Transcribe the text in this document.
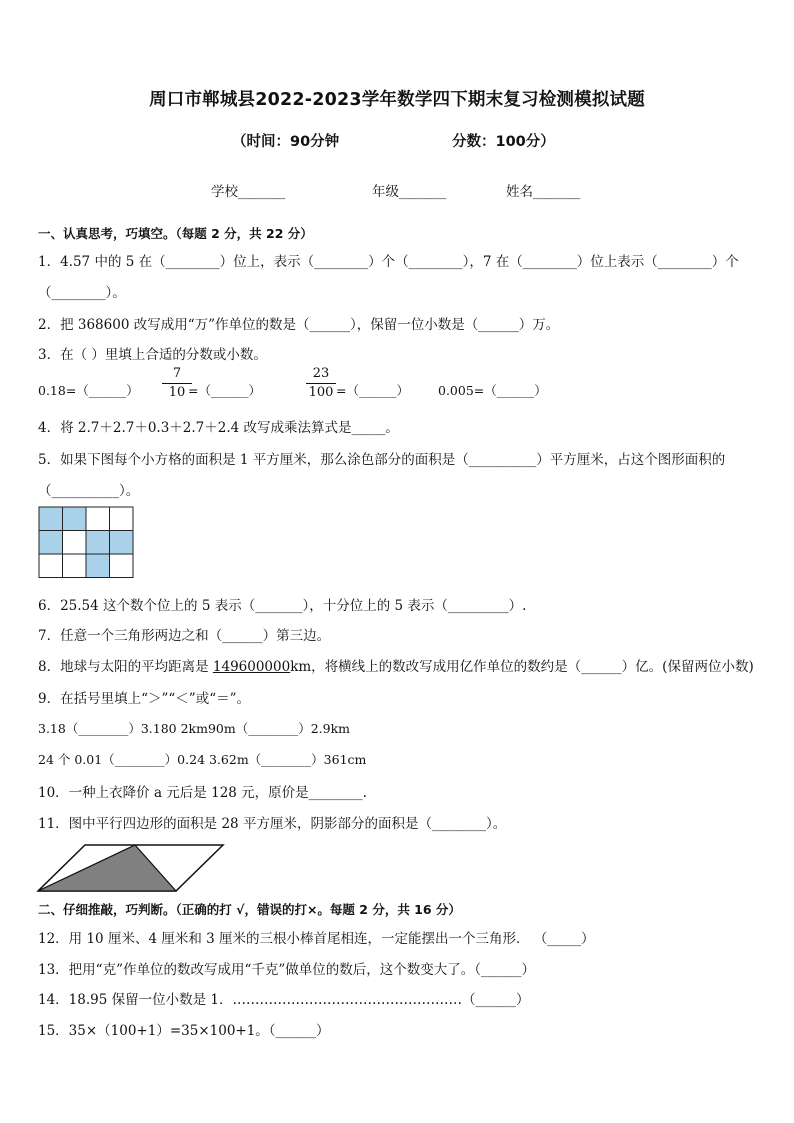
周口市郸城县2022-2023学年数学四下期末复习检测模拟试题
（时间：90分钟	分数：100分）
学校_______	年级_______	姓名_______
一、认真思考，巧填空。（每题 2 分，共 22 分）
1．4.57 中的 5 在（________）位上，表示（________）个（________），7 在（________）位上表示（________）个
（________）。
2．把 368600 改写成用“万”作单位的数是（______），保留一位小数是（______）万。
3．在（ ）里填上合适的分数或小数。
0.18=（______）
7
10 =（______）
23
100 =（______） 0.005=（______）
4．将 2.7＋2.7＋0.3＋2.7＋2.4 改写成乘法算式是_____。
5．如果下图每个小方格的面积是 1 平方厘米，那么涂色部分的面积是（__________）平方厘米，占这个图形面积的
（__________）。
6．25.54 这个数个位上的 5 表示（_______），十分位上的 5 表示（_________）.
7．任意一个三角形两边之和（______）第三边。
8．地球与太阳的平均距离是 149600000km，将横线上的数改写成用亿作单位的数约是（______）亿。(保留两位小数)
9．在括号里填上“＞”“＜”或“＝”。
3.18（________）3.180 2km90m（________）2.9km
24 个 0.01（________）0.24 3.62m（________）361cm
10．一种上衣降价 a 元后是 128 元，原价是________.
11．图中平行四边形的面积是 28 平方厘米，阴影部分的面积是（________）。
二、仔细推敲，巧判断。（正确的打 √，错误的打×。每题 2 分，共 16 分）
12．用 10 厘米、4 厘米和 3 厘米的三根小棒首尾相连，一定能摆出一个三角形． （_____）
13．把用“克”作单位的数改写成用“千克”做单位的数后，这个数变大了。（______）
14．18.95 保留一位小数是 1．……………………………………………（______）
15．35×（100+1）=35×100+1。（______）
